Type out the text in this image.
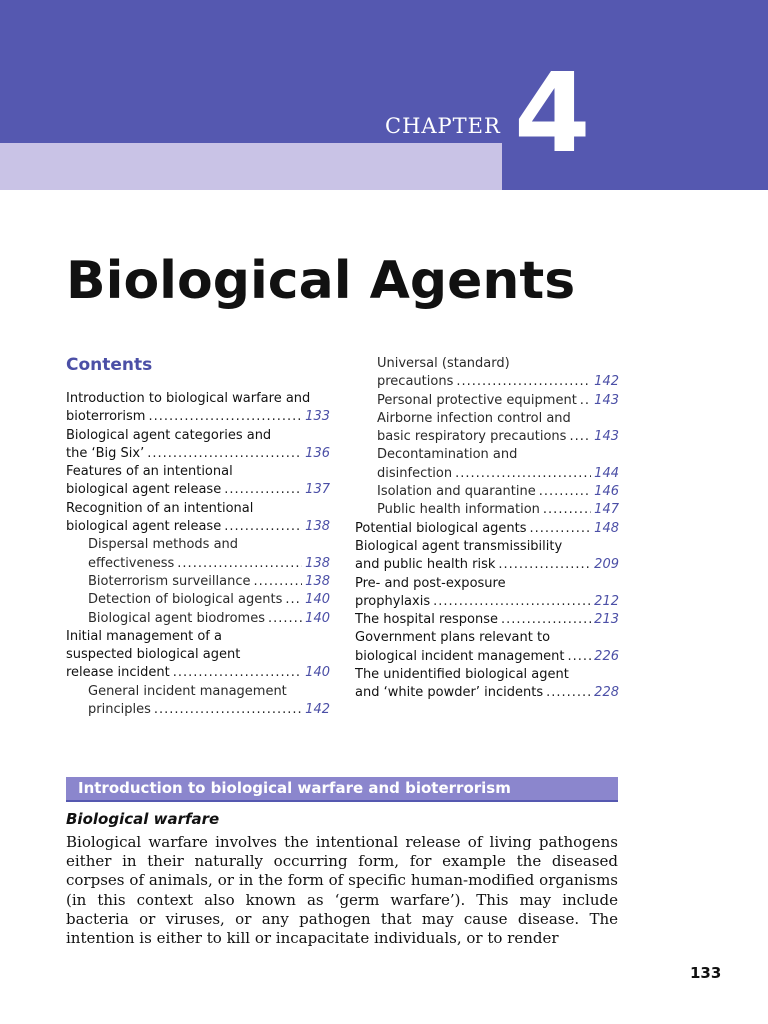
CHAPTER 4
Biological Agents
Contents
Introduction to biological warfare and
bioterrorism .....	133
Biological agent categories and
the ‘Big Six’ .....	136
Features of an intentional
biological agent release .....	137
Recognition of an intentional
biological agent release .....	138
Dispersal methods and
effectiveness .....	138
Bioterrorism surveillance .....	138
Detection of biological agents ..... 140
Biological agent biodromes .....	140
Initial management of a
suspected biological agent
release incident .....	140
General incident management
principles .....	142
Universal (standard)
precautions .....	142
Personal protective equipment ..... 143
Airborne infection control and
basic respiratory precautions ..... 143
Decontamination and
disinfection .....	144
Isolation and quarantine .....	146
Public health information .....	147
Potential biological agents .....	148
Biological agent transmissibility
and public health risk .....	209
Pre- and post-exposure
prophylaxis .....	212
The hospital response .....	213
Government plans relevant to
biological incident management ..... 226
The unidentified biological agent
and ‘white powder’ incidents .....	228
Introduction to biological warfare and bioterrorism
Biological warfare

Biological warfare involves the intentional release of living pathogens either in their naturally occurring form, for example the diseased corpses of animals, or in the form of specific human-modified organisms (in this context also known as ‘germ warfare’). This may include bacteria or viruses, or any pathogen that may cause disease. The intention is either to kill or incapacitate individuals, or to render

133
